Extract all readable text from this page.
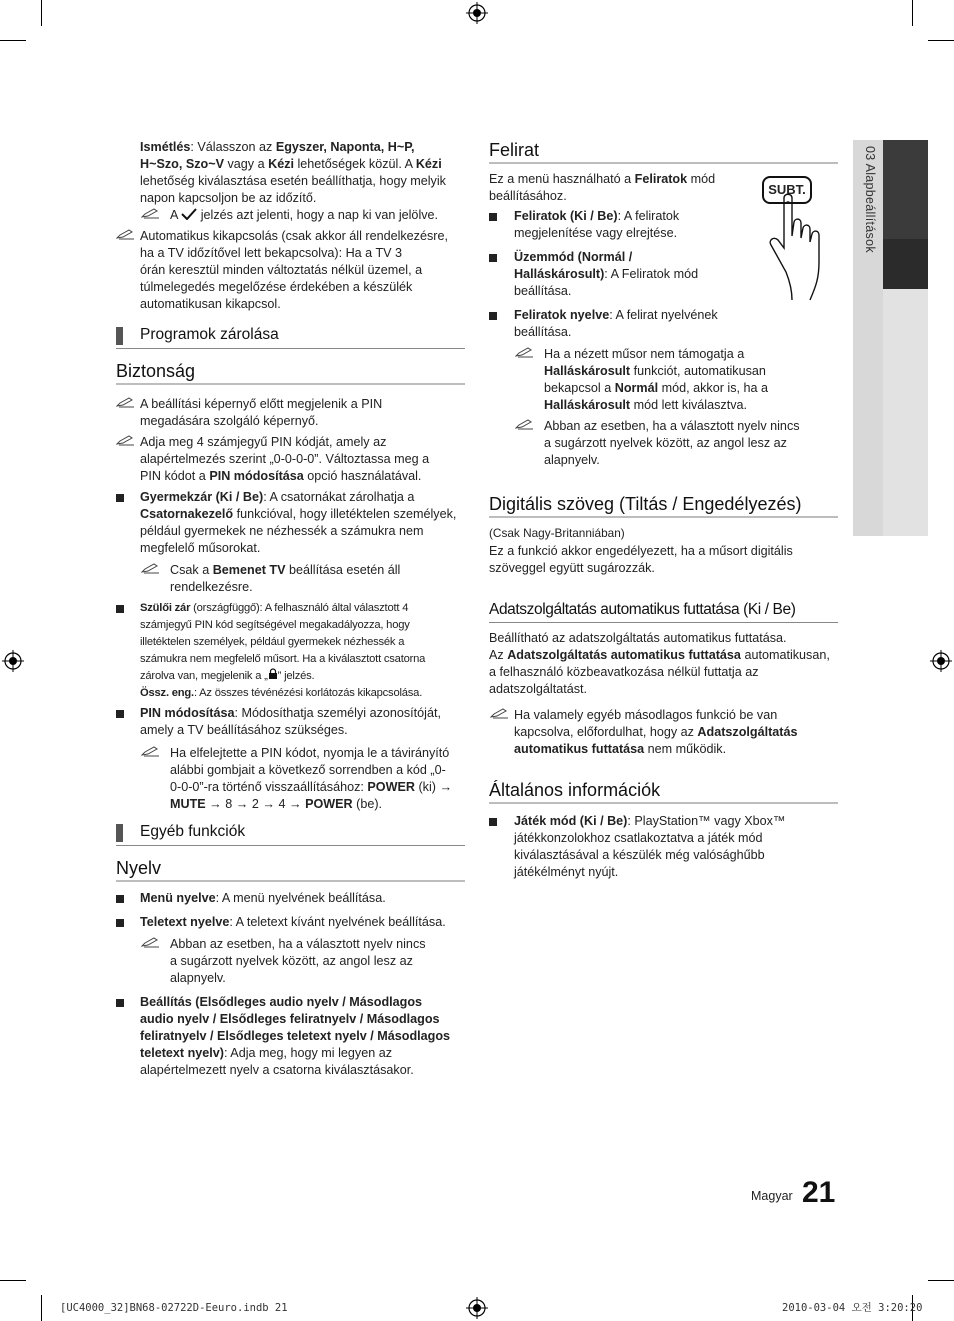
03 Alapbeállítások
Ismétlés: Válasszon az Egyszer, Naponta, H~P,
H~Szo, Szo~V vagy a Kézi lehetőségek közül. A Kézi
lehetőség kiválasztása esetén beállíthatja, hogy melyik
napon kapcsoljon be az időzítő.
A  jelzés azt jelenti, hogy a nap ki van jelölve.
Automatikus kikapcsolás (csak akkor áll rendelkezésre,
ha a TV időzítővel lett bekapcsolva): Ha a TV 3
órán keresztül minden változtatás nélkül üzemel, a
túlmelegedés megelőzése érdekében a készülék
automatikusan kikapcsol.
Programok zárolása
Biztonság
A beállítási képernyő előtt megjelenik a PIN
megadására szolgáló képernyő.
Adja meg 4 számjegyű PIN kódját, amely az
alapértelmezés szerint „0-0-0-0”. Változtassa meg a
PIN kódot a PIN módosítása opció használatával.
Gyermekzár (Ki / Be): A csatornákat zárolhatja a
Csatornakezelő funkcióval, hogy illetéktelen személyek,
például gyermekek ne nézhessék a számukra nem
megfelelő műsorokat.
Csak a Bemenet TV beállítása esetén áll
rendelkezésre.
Szülői zár (országfüggő): A felhasználó által választott 4
számjegyű PIN kód segítségével megakadályozza, hogy
illetéktelen személyek, például gyermekek nézhessék a
számukra nem megfelelő műsort. Ha a kiválasztott csatorna
zárolva van, megjelenik a „ ” jelzés.
Össz. eng.: Az összes tévénézési korlátozás kikapcsolása.
PIN módosítása: Módosíthatja személyi azonosítóját,
amely a TV beállításához szükséges.
Ha elfelejtette a PIN kódot, nyomja le a távirányító
alábbi gombjait a következő sorrendben a kód „0-
0-0-0”-ra történő visszaállításához: POWER (ki) →
MUTE → 8 → 2 → 4 → POWER (be).
Egyéb funkciók
Nyelv
Menü nyelve: A menü nyelvének beállítása.
Teletext nyelve: A teletext kívánt nyelvének beállítása.
Abban az esetben, ha a választott nyelv nincs
a sugárzott nyelvek között, az angol lesz az
alapnyelv.
Beállítás (Elsődleges audio nyelv / Másodlagos
audio nyelv / Elsődleges feliratnyelv / Másodlagos
feliratnyelv / Elsődleges teletext nyelv / Másodlagos
teletext nyelv): Adja meg, hogy mi legyen az
alapértelmezett nyelv a csatorna kiválasztásakor.
Felirat
Ez a menü használható a Feliratok mód
beállításához.	SUBT.
Feliratok (Ki / Be): A feliratok
megjelenítése vagy elrejtése.
Üzemmód (Normál /
Halláskárosult): A Feliratok mód
beállítása.
Feliratok nyelve: A felirat nyelvének
beállítása.
Ha a nézett műsor nem támogatja a
Halláskárosult funkciót, automatikusan
bekapcsol a Normál mód, akkor is, ha a
Halláskárosult mód lett kiválasztva.
Abban az esetben, ha a választott nyelv nincs
a sugárzott nyelvek között, az angol lesz az
alapnyelv.
Digitális szöveg (Tiltás / Engedélyezés)
(Csak Nagy-Britanniában)
Ez a funkció akkor engedélyezett, ha a műsort digitális
szöveggel együtt sugározzák.
Adatszolgáltatás automatikus futtatása (Ki / Be)
Beállítható az adatszolgáltatás automatikus futtatása.
Az Adatszolgáltatás automatikus futtatása automatikusan,
a felhasználó közbeavatkozása nélkül futtatja az
adatszolgáltatást.
Ha valamely egyéb másodlagos funkció be van
kapcsolva, előfordulhat, hogy az Adatszolgáltatás
automatikus futtatása nem működik.
Általános információk
Játék mód (Ki / Be): PlayStation™ vagy Xbox™
játékkonzolokhoz csatlakoztatva a játék mód
kiválasztásával a készülék még valósághűbb
játékélményt nyújt.
Magyar 21
[UC4000_32]BN68-02722D-Eeuro.indb 21	2010-03-04 오전 3:20:20
